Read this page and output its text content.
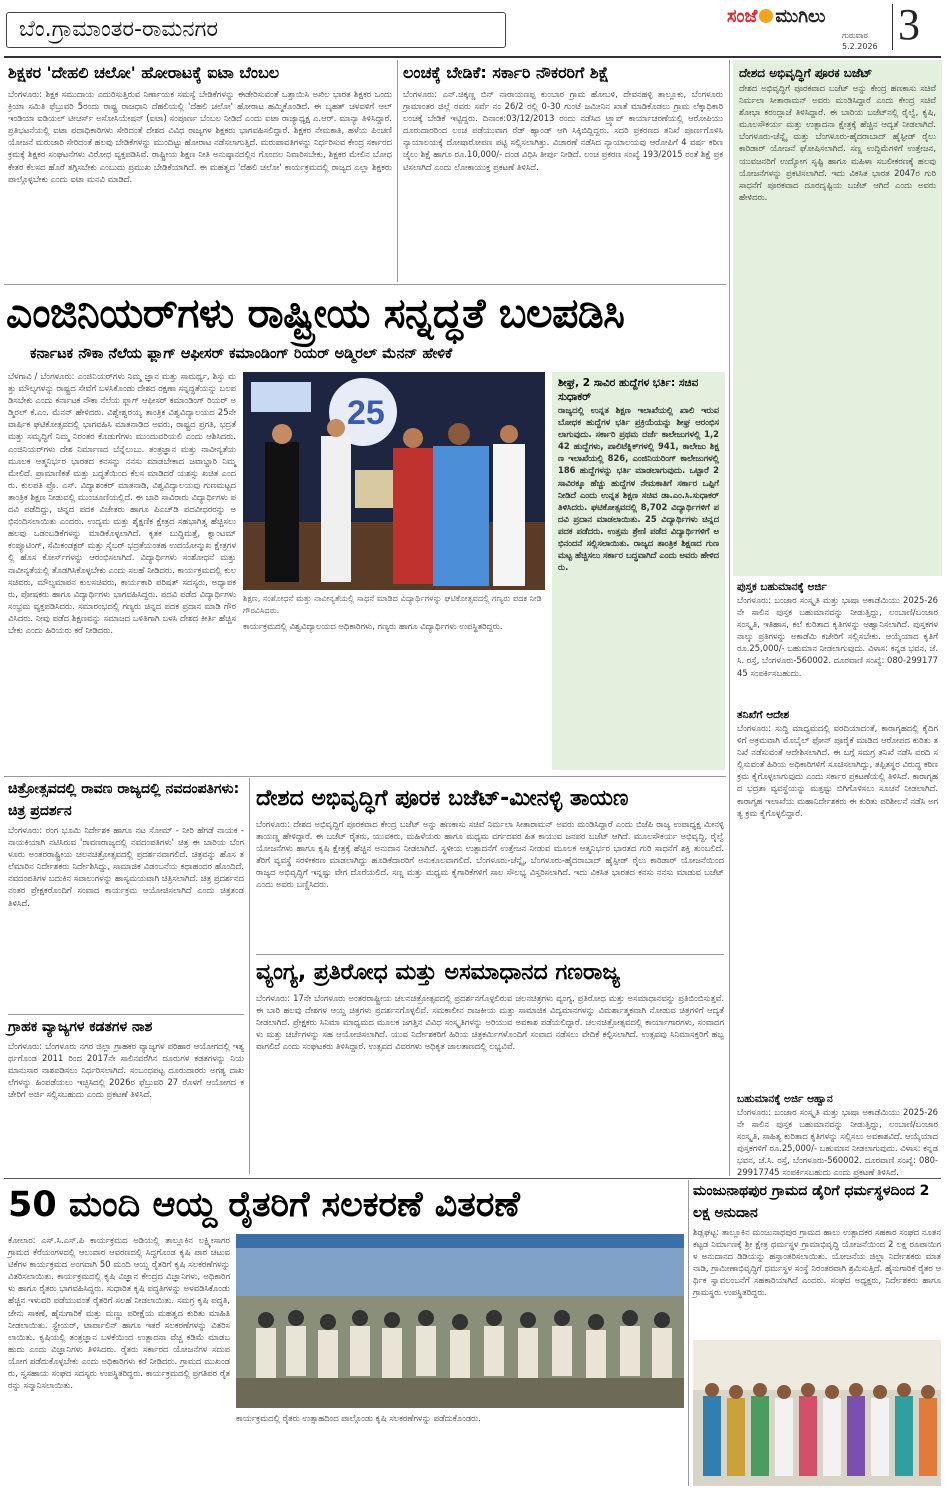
ಬೆಂ.ಗ್ರಾಮಾಂತರ-ರಾಮನಗರ
ಸಂಜೆ ಮುಗಿಲು
ಗುರುವಾರ
5.2.2026 3
ಶಿಕ್ಷಕರ 'ದೇಹಲಿ ಚಲೋ' ಹೋರಾಟಕ್ಕೆ ಐಟಾ ಬೆಂಬಲ
ಬೆಂಗಳೂರು: ಶಿಕ್ಷಕ ಸಮುದಾಯ ಎದುರಿಸುತ್ತಿರುವ ನಿರ್ಣಾಯಕ ಸಮಸ್ಯೆ ಬೇಡಿಕೆಗಳನ್ನು ಈಡೇರಿಸುವಂತೆ ಒತ್ತಾಯಿಸಿ ಅಖಿಲ ಭಾರತ ಶಿಕ್ಷಕರ ಒಂದು ಕ್ರಿಯಾ ಸಮಿತಿ ಫೆಬ್ರುವರಿ 5ರಂದು ರಾಷ್ಟ್ರ ರಾಜಧಾನಿ ದೆಹಲಿಯಲ್ಲಿ 'ದೆಹಲಿ ಚಲೋ' ಹೋರಾಟ ಹಮ್ಮಿಕೊಂಡಿದೆ. ಈ ಬೃಹತ್ ಚಳವಳಿಗೆ ಆಲ್ ಇಂಡಿಯಾ ಐಡಿಯಲ್ ಟೀಚರ್ಸ್ ಅಸೋಸಿಯೇಷನ್ (ಐಟಾ) ಸಂಪೂರ್ಣ ಬೆಂಬಲ ನೀಡಿದೆ ಎಂದು ಐಟಾ ರಾಜ್ಯಾಧ್ಯಕ್ಷ ಎ.ಆರ್. ಮಾನ್ಯಾ ತಿಳಿಸಿದ್ದಾರೆ. ಪ್ರತಿಭಟನೆಯಲ್ಲಿ ಐಟಾ ಪದಾಧಿಕಾರಿಗಳು ಸೇರಿದಂತೆ ದೇಶದ ವಿವಿಧ ರಾಜ್ಯಗಳ ಶಿಕ್ಷಕರು ಭಾಗವಹಿಸಲಿದ್ದಾರೆ. ಶಿಕ್ಷಕರ ನೇಮಕಾತಿ, ಹಳೆಯ ಪಿಂಚಣಿ ಯೋಜನೆ ಮರುಜಾರಿ ಸೇರಿದಂತೆ ಹಲವು ಬೇಡಿಕೆಗಳನ್ನು ಮುಂದಿಟ್ಟು ಹೋರಾಟ ನಡೆಸಲಾಗುತ್ತಿದೆ. ಮರುಪಾವತಿಗಳನ್ನು ನಿರ್ಧರಿಸುವ ಕೇಂದ್ರ ಸರ್ಕಾರದ ಕ್ರಮಕ್ಕೆ ಶಿಕ್ಷಕರ ಸಂಘಟನೆಗಳು ವಿರೋಧ ವ್ಯಕ್ತಪಡಿಸಿವೆ. ರಾಷ್ಟ್ರೀಯ ಶಿಕ್ಷಣ ನೀತಿ ಅನುಷ್ಠಾನದಲ್ಲಿನ ಗೊಂದಲ ನಿವಾರಿಸಬೇಕು, ಶಿಕ್ಷಕರ ಮೇಲಿನ ಬೋಧಕೇತರ ಕೆಲಸದ ಹೊರೆ ತಗ್ಗಿಸಬೇಕು ಎಂಬುದು ಪ್ರಮುಖ ಬೇಡಿಕೆಯಾಗಿದೆ. ಈ ಮಹತ್ವದ 'ದೆಹಲಿ ಚಲೋ' ಕಾರ್ಯಕ್ರಮದಲ್ಲಿ ರಾಜ್ಯದ ಎಲ್ಲಾ ಶಿಕ್ಷಕರು ಪಾಲ್ಗೊಳ್ಳಬೇಕು ಎಂದು ಐಟಾ ಮನವಿ ಮಾಡಿದೆ.
ಲಂಚಕ್ಕೆ ಬೇಡಿಕೆ: ಸರ್ಕಾರಿ ನೌಕರರಿಗೆ ಶಿಕ್ಷೆ
ಬೆಂಗಳೂರು: ಎನ್.ಚಿಕ್ಕಣ್ಣ ಬಿನ್ ನಾರಾಯಣಪ್ಪ ಕುಂಬಾರ ಗ್ರಾಮ ಹೋಬಳಿ, ದೇವನಹಳ್ಳಿ ತಾಲ್ಲೂಕು, ಬೆಂಗಳೂರು ಗ್ರಾಮಾಂತರ ಜಿಲ್ಲೆ ರವರು ಸರ್ವೆ ನಂ 26/2 ರಲ್ಲಿ 0-30 ಗುಂಟೆ ಜಮೀನಿನ ಖಾತೆ ಮಾಡಿಕೊಡಲು ಗ್ರಾಮ ಲೆಕ್ಕಾಧಿಕಾರಿ ಲಂಚಕ್ಕೆ ಬೇಡಿಕೆ ಇಟ್ಟಿದ್ದರು. ದಿನಾಂಕ:03/12/2013 ರಂದು ನಡೆಸಿದ ಟ್ರ್ಯಾಪ್ ಕಾರ್ಯಾಚರಣೆಯಲ್ಲಿ ಆರೋಪಿಯು ದೂರುದಾರರಿಂದ ಲಂಚ ಪಡೆಯುವಾಗ ರೆಡ್ ಹ್ಯಾಂಡ್ ಆಗಿ ಸಿಕ್ಕಿಬಿದ್ದಿದ್ದರು. ಸದರಿ ಪ್ರಕರಣದ ತನಿಖೆ ಪೂರ್ಣಗೊಳಿಸಿ ನ್ಯಾಯಾಲಯಕ್ಕೆ ದೋಷಾರೋಪಣ ಪಟ್ಟಿ ಸಲ್ಲಿಸಲಾಗಿತ್ತು. ವಿಚಾರಣೆ ನಡೆಸಿದ ನ್ಯಾಯಾಲಯವು ಆರೋಪಿಗೆ 4 ವರ್ಷ ಕಠಿಣ ಜೈಲು ಶಿಕ್ಷೆ ಹಾಗೂ ರೂ.10,000/- ದಂಡ ವಿಧಿಸಿ ತೀರ್ಪು ನೀಡಿದೆ. ಲಂಚ ಪ್ರಕರಣ ಸಂಖ್ಯೆ 193/2015 ರಂತೆ ಶಿಕ್ಷೆ ಪ್ರಕಟಿಸಲಾಗಿದೆ ಎಂದು ಲೋಕಾಯುಕ್ತ ಪ್ರಕಟಣೆ ತಿಳಿಸಿದೆ.
ದೇಶದ ಅಭಿವೃದ್ಧಿಗೆ ಪೂರಕ ಬಜೆಟ್
ದೇಶದ ಅಭಿವೃದ್ಧಿಗೆ ಪೂರಕವಾದ ಬಜೆಟ್ ಅನ್ನು ಕೇಂದ್ರ ಹಣಕಾಸು ಸಚಿವೆ ನಿರ್ಮಲಾ ಸೀತಾರಾಮನ್ ಅವರು ಮಂಡಿಸಿದ್ದಾರೆ ಎಂದು ಕೇಂದ್ರ ಸಚಿವೆ ಶೋಭಾ ಕರಂದ್ಲಾಜೆ ತಿಳಿಸಿದ್ದಾರೆ. ಈ ಬಾರಿಯ ಬಜೆಟ್‌ನಲ್ಲಿ ರೈಲ್ವೆ, ಕೃಷಿ, ಮೂಲಸೌಕರ್ಯ ಮತ್ತು ಉತ್ಪಾದನಾ ಕ್ಷೇತ್ರಕ್ಕೆ ಹೆಚ್ಚಿನ ಆದ್ಯತೆ ನೀಡಲಾಗಿದೆ. ಬೆಂಗಳೂರು-ಚೆನ್ನೈ ಮತ್ತು ಬೆಂಗಳೂರು-ಹೈದರಾಬಾದ್ ಹೈಸ್ಪೀಡ್ ರೈಲು ಕಾರಿಡಾರ್ ಯೋಜನೆ ಘೋಷಿಸಲಾಗಿದೆ. ಸಣ್ಣ ಉದ್ದಿಮೆಗಳಿಗೆ ಉತ್ತೇಜನ, ಯುವಜನರಿಗೆ ಉದ್ಯೋಗ ಸೃಷ್ಟಿ ಹಾಗೂ ಮಹಿಳಾ ಸಬಲೀಕರಣಕ್ಕೆ ಹಲವು ಯೋಜನೆಗಳನ್ನು ಪ್ರಕಟಿಸಲಾಗಿದೆ. ಇದು ವಿಕಸಿತ ಭಾರತ 2047ರ ಗುರಿ ಸಾಧನೆಗೆ ಪೂರಕವಾದ ದೂರದೃಷ್ಟಿಯ ಬಜೆಟ್ ಆಗಿದೆ ಎಂದು ಅವರು ಹೇಳಿದರು.
ಎಂಜಿನಿಯರ್‌ಗಳು ರಾಷ್ಟ್ರೀಯ ಸನ್ನದ್ಧತೆ ಬಲಪಡಿಸಿ
ಕರ್ನಾಟಕ ನೌಕಾ ನೆಲೆಯ ಫ್ಲಾಗ್ ಆಫೀಸರ್ ಕಮಾಂಡಿಂಗ್ ರಿಯರ್ ಅಡ್ಮಿರಲ್ ಮೆನನ್ ಹೇಳಿಕೆ
ಬೆಳಗಾವಿ / ಬೆಂಗಳೂರು: ಎಂಜಿನಿಯರ್‌ಗಳು ನಿಮ್ಮ ಜ್ಞಾನ ಮತ್ತು ಸಾಮರ್ಥ್ಯ, ಶಿಸ್ತು ಮತ್ತು ಮೌಲ್ಯಗಳನ್ನು ರಾಷ್ಟ್ರದ ಸೇವೆಗೆ ಬಳಸಿಕೊಂಡು ದೇಶದ ರಕ್ಷಣಾ ಸನ್ನದ್ಧತೆಯನ್ನು ಬಲಪಡಿಸಬೇಕು ಎಂದು ಕರ್ನಾಟಕ ನೌಕಾ ನೆಲೆಯ ಫ್ಲಾಗ್ ಆಫೀಸರ್ ಕಮಾಂಡಿಂಗ್ ರಿಯರ್ ಅಡ್ಮಿರಲ್ ಕೆ.ಎಂ. ಮೆನನ್ ಹೇಳಿದರು. ವಿಶ್ವೇಶ್ವರಯ್ಯ ತಾಂತ್ರಿಕ ವಿಶ್ವವಿದ್ಯಾಲಯದ 25ನೇ ವಾರ್ಷಿಕ ಘಟಿಕೋತ್ಸವದಲ್ಲಿ ಭಾಗವಹಿಸಿ ಮಾತನಾಡಿದ ಅವರು, ರಾಷ್ಟ್ರದ ಪ್ರಗತಿ, ಭದ್ರತೆ ಮತ್ತು ಸಮೃದ್ಧಿಗೆ ನಿಮ್ಮ ನಿರಂತರ ಕೊಡುಗೆಗಳು ಮುಂದುವರಿಯಲಿ ಎಂದು ಆಶಿಸಿದರು. ಎಂಜಿನಿಯರ್‌ಗಳು ದೇಶ ನಿರ್ಮಾಣದ ಬೆನ್ನೆಲುಬು. ತಂತ್ರಜ್ಞಾನ ಮತ್ತು ನಾವೀನ್ಯತೆಯ ಮೂಲಕ ಆತ್ಮನಿರ್ಭರ ಭಾರತದ ಕನಸನ್ನು ನನಸು ಮಾಡಬೇಕಾದ ಜವಾಬ್ದಾರಿ ನಿಮ್ಮ ಮೇಲಿದೆ. ಪ್ರಾಮಾಣಿಕತೆ ಮತ್ತು ಬದ್ಧತೆಯಿಂದ ಕೆಲಸ ಮಾಡಿದರೆ ಯಶಸ್ಸು ಖಚಿತ ಎಂದರು. ಕುಲಪತಿ ಪ್ರೊ. ಎಸ್. ವಿದ್ಯಾಶಂಕರ್ ಮಾತನಾಡಿ, ವಿಶ್ವವಿದ್ಯಾಲಯವು ಗುಣಮಟ್ಟದ ತಾಂತ್ರಿಕ ಶಿಕ್ಷಣ ನೀಡುವಲ್ಲಿ ಮುಂಚೂಣಿಯಲ್ಲಿದೆ. ಈ ಬಾರಿ ಸಾವಿರಾರು ವಿದ್ಯಾರ್ಥಿಗಳು ಪದವಿ ಪಡೆದಿದ್ದು, ಚಿನ್ನದ ಪದಕ ವಿಜೇತರು ಹಾಗೂ ಪಿಎಚ್‌ಡಿ ಪದವೀಧರರನ್ನು ಅಭಿನಂದಿಸಲಾಯಿತು ಎಂದರು. ಉದ್ಯಮ ಮತ್ತು ಶೈಕ್ಷಣಿಕ ಕ್ಷೇತ್ರದ ಸಹಭಾಗಿತ್ವ ಹೆಚ್ಚಿಸಲು ಹಲವು ಒಡಂಬಡಿಕೆಗಳನ್ನು ಮಾಡಿಕೊಳ್ಳಲಾಗಿದೆ. ಕೃತಕ ಬುದ್ಧಿಮತ್ತೆ, ಕ್ವಾಂಟಮ್ ಕಂಪ್ಯೂಟಿಂಗ್, ಸೆಮಿಕಂಡಕ್ಟರ್ ಮತ್ತು ಸೈಬರ್ ಭದ್ರತೆಯಂತಹ ಉದಯೋನ್ಮುಖ ಕ್ಷೇತ್ರಗಳಲ್ಲಿ ಹೊಸ ಕೋರ್ಸ್‌ಗಳನ್ನು ಆರಂಭಿಸಲಾಗಿದೆ. ವಿದ್ಯಾರ್ಥಿಗಳು ಸಂಶೋಧನೆ ಮತ್ತು ನಾವೀನ್ಯತೆಯಲ್ಲಿ ತೊಡಗಿಸಿಕೊಳ್ಳಬೇಕು ಎಂದು ಸಲಹೆ ನೀಡಿದರು. ಕಾರ್ಯಕ್ರಮದಲ್ಲಿ ಕುಲಸಚಿವರು, ಮೌಲ್ಯಮಾಪನ ಕುಲಸಚಿವರು, ಕಾರ್ಯಕಾರಿ ಪರಿಷತ್ ಸದಸ್ಯರು, ಅಧ್ಯಾಪಕರು, ಪೋಷಕರು ಹಾಗೂ ವಿದ್ಯಾರ್ಥಿಗಳು ಭಾಗವಹಿಸಿದ್ದರು. ಪದವಿ ಪಡೆದ ವಿದ್ಯಾರ್ಥಿಗಳು ಸಂಭ್ರಮ ವ್ಯಕ್ತಪಡಿಸಿದರು. ಸಮಾರಂಭದಲ್ಲಿ ಗಣ್ಯರು ಚಿನ್ನದ ಪದಕ ಪ್ರದಾನ ಮಾಡಿ ಗೌರವಿಸಿದರು. ನೀವು ಪಡೆದ ಶಿಕ್ಷಣವನ್ನು ಸಮಾಜದ ಒಳಿತಿಗಾಗಿ ಬಳಸಿ ದೇಶದ ಕೀರ್ತಿ ಹೆಚ್ಚಿಸಬೇಕು ಎಂದು ಹಿರಿಯರು ಕರೆ ನೀಡಿದರು.
25
ಶಿಕ್ಷಣ, ಸಂಶೋಧನೆ ಮತ್ತು ನಾವೀನ್ಯತೆಯಲ್ಲಿ ಸಾಧನೆ ಮಾಡಿದ ವಿದ್ಯಾರ್ಥಿಗಳನ್ನು ಘಟಿಕೋತ್ಸವದಲ್ಲಿ ಗಣ್ಯರು ಪದಕ ನೀಡಿ ಗೌರವಿಸಿದರು.
ಕಾರ್ಯಕ್ರಮದಲ್ಲಿ ವಿಶ್ವವಿದ್ಯಾಲಯದ ಅಧಿಕಾರಿಗಳು, ಗಣ್ಯರು ಹಾಗೂ ವಿದ್ಯಾರ್ಥಿಗಳು ಉಪಸ್ಥಿತರಿದ್ದರು.
ಶೀಘ್ರ, 2 ಸಾವಿರ ಹುದ್ದೆಗಳ ಭರ್ತಿ: ಸಚಿವ ಸುಧಾಕರ್
ರಾಜ್ಯದಲ್ಲಿ ಉನ್ನತ ಶಿಕ್ಷಣ ಇಲಾಖೆಯಲ್ಲಿ ಖಾಲಿ ಇರುವ ಬೋಧಕ ಹುದ್ದೆಗಳ ಭರ್ತಿ ಪ್ರಕ್ರಿಯೆಯನ್ನು ಶೀಘ್ರ ಆರಂಭಿಸಲಾಗುವುದು. ಸರ್ಕಾರಿ ಪ್ರಥಮ ದರ್ಜೆ ಕಾಲೇಜುಗಳಲ್ಲಿ 1,242 ಹುದ್ದೆಗಳು, ಪಾಲಿಟೆಕ್ನಿಕ್‌ಗಳಲ್ಲಿ 941, ಕಾಲೇಜು ಶಿಕ್ಷಣ ಇಲಾಖೆಯಲ್ಲಿ 826, ಎಂಜಿನಿಯರಿಂಗ್ ಕಾಲೇಜುಗಳಲ್ಲಿ 186 ಹುದ್ದೆಗಳನ್ನು ಭರ್ತಿ ಮಾಡಲಾಗುವುದು. ಒಟ್ಟಾರೆ 2 ಸಾವಿರಕ್ಕೂ ಹೆಚ್ಚು ಹುದ್ದೆಗಳ ನೇಮಕಾತಿಗೆ ಸರ್ಕಾರ ಒಪ್ಪಿಗೆ ನೀಡಿದೆ ಎಂದು ಉನ್ನತ ಶಿಕ್ಷಣ ಸಚಿವ ಡಾ.ಎಂ.ಸಿ.ಸುಧಾಕರ್ ತಿಳಿಸಿದರು. ಘಟಿಕೋತ್ಸವದಲ್ಲಿ 8,702 ವಿದ್ಯಾರ್ಥಿಗಳಿಗೆ ಪದವಿ ಪ್ರದಾನ ಮಾಡಲಾಯಿತು. 25 ವಿದ್ಯಾರ್ಥಿಗಳು ಚಿನ್ನದ ಪದಕ ಪಡೆದರು. ಉತ್ತಮ ಶ್ರೇಣಿ ಪಡೆದ ವಿದ್ಯಾರ್ಥಿಗಳಿಗೆ ಅಭಿನಂದನೆ ಸಲ್ಲಿಸಲಾಯಿತು. ರಾಜ್ಯದ ತಾಂತ್ರಿಕ ಶಿಕ್ಷಣದ ಗುಣಮಟ್ಟ ಹೆಚ್ಚಿಸಲು ಸರ್ಕಾರ ಬದ್ಧವಾಗಿದೆ ಎಂದು ಅವರು ಹೇಳಿದರು.
ಪುಸ್ತಕ ಬಹುಮಾನಕ್ಕೆ ಅರ್ಜಿ
ಬೆಂಗಳೂರು: ಬಂಜಾರ ಸಂಸ್ಕೃತಿ ಮತ್ತು ಭಾಷಾ ಅಕಾಡೆಮಿಯು 2025-26ನೇ ಸಾಲಿನ ಪುಸ್ತಕ ಬಹುಮಾನವನ್ನು ನೀಡುತ್ತಿದ್ದು, ಲಂಬಾಣಿ/ಬಂಜಾರ ಸಂಸ್ಕೃತಿ, ಇತಿಹಾಸ, ಕಲೆ ಕುರಿತಾದ ಕೃತಿಗಳನ್ನು ಆಹ್ವಾನಿಸಲಾಗಿದೆ. ಪುಸ್ತಕಗಳ ನಾಲ್ಕು ಪ್ರತಿಗಳನ್ನು ಅಕಾಡೆಮಿ ಕಚೇರಿಗೆ ಸಲ್ಲಿಸಬೇಕು. ಆಯ್ಕೆಯಾದ ಕೃತಿಗೆ ರೂ.25,000/- ಬಹುಮಾನ ನೀಡಲಾಗುವುದು. ವಿಳಾಸ: ಕನ್ನಡ ಭವನ, ಜೆ.ಸಿ. ರಸ್ತೆ, ಬೆಂಗಳೂರು-560002. ದೂರವಾಣಿ ಸಂಖ್ಯೆ: 080-29917745 ಸಂಪರ್ಕಿಸಬಹುದು.
ತನಿಖೆಗೆ ಆದೇಶ
ಬೆಂಗಳೂರು: ಸುದ್ದಿ ಮಾಧ್ಯಮದಲ್ಲಿ ವರದಿಯಾದಂತೆ, ಕಾರಾಗೃಹದಲ್ಲಿ ಕೈದಿಗಳಿಗೆ ಅಕ್ರಮವಾಗಿ ಮೊಬೈಲ್ ಫೋನ್ ಪೂರೈಕೆ ಮಾಡಿದ ಆರೋಪದ ಕುರಿತು ತನಿಖೆ ನಡೆಸುವಂತೆ ಆದೇಶಿಸಲಾಗಿದೆ. ಈ ಬಗ್ಗೆ ಸಮಗ್ರ ತನಿಖೆ ನಡೆಸಿ ವರದಿ ಸಲ್ಲಿಸುವಂತೆ ಹಿರಿಯ ಅಧಿಕಾರಿಗಳಿಗೆ ಸೂಚಿಸಲಾಗಿದ್ದು, ತಪ್ಪಿತಸ್ಥರ ವಿರುದ್ಧ ಕಠಿಣ ಕ್ರಮ ಕೈಗೊಳ್ಳಲಾಗುವುದು ಎಂದು ಸರ್ಕಾರ ಪ್ರಕಟಣೆಯಲ್ಲಿ ತಿಳಿಸಿದೆ. ಕಾರಾಗೃಹದ ಭದ್ರತಾ ವ್ಯವಸ್ಥೆಯನ್ನು ಮತ್ತಷ್ಟು ಬಿಗಿಗೊಳಿಸಲು ಸೂಚನೆ ನೀಡಲಾಗಿದೆ. ಕಾರಾಗೃಹ ಇಲಾಖೆಯ ಮಹಾನಿರ್ದೇಶಕರು ಈ ಕುರಿತು ಪರಿಶೀಲನೆ ನಡೆಸಿ ಅಗತ್ಯ ಕ್ರಮ ಕೈಗೊಳ್ಳಲಿದ್ದಾರೆ.
ಚಿತ್ರೋತ್ಸವದಲ್ಲಿ ರಾವಣ ರಾಜ್ಯದಲ್ಲಿ ನವದಂಪತಿಗಳು: ಚಿತ್ರ ಪ್ರದರ್ಶನ
ಬೆಂಗಳೂರು: ರಂಗ ಭೂಮಿ ನಿರ್ದೇಶಕ ಹಾಗೂ ನಟ ಸೋಮ್ - ನೀರಿ ಹೆಗಡೆ ನಾಯಕ - ನಾಯಕಿಯಾಗಿ ನಟಿಸಿರುವ 'ರಾವಣರಾಜ್ಯದಲ್ಲಿ ನವದಂಪತಿಗಳು' ಚಿತ್ರ ಈ ಬಾರಿಯ ಬೆಂಗಳೂರು ಅಂತರರಾಷ್ಟ್ರೀಯ ಚಲನಚಿತ್ರೋತ್ಸವದಲ್ಲಿ ಪ್ರದರ್ಶನವಾಗಲಿದೆ. ಚಿತ್ರವನ್ನು ಹೊಸ ತಲೆಮಾರಿನ ನಿರ್ದೇಶಕರು ನಿರ್ದೇಶಿಸಿದ್ದು, ಸಾಮಾಜಿಕ ವಿಡಂಬನೆಯ ಕಥಾಹಂದರ ಹೊಂದಿದೆ. ನವದಂಪತಿಗಳ ಬದುಕಿನ ಸವಾಲುಗಳನ್ನು ಹಾಸ್ಯಮಯವಾಗಿ ಚಿತ್ರಿಸಲಾಗಿದೆ. ಚಿತ್ರ ಪ್ರದರ್ಶನದ ನಂತರ ಪ್ರೇಕ್ಷಕರೊಂದಿಗೆ ಸಂವಾದ ಕಾರ್ಯಕ್ರಮ ಆಯೋಜಿಸಲಾಗಿದೆ ಎಂದು ಚಿತ್ರತಂಡ ತಿಳಿಸಿದೆ.
ಗ್ರಾಹಕ ವ್ಯಾಜ್ಯಗಳ ಕಡತಗಳ ನಾಶ
ಬೆಂಗಳೂರು: ಬೆಂಗಳೂರು ನಗರ ಜಿಲ್ಲಾ ಗ್ರಾಹಕರ ವ್ಯಾಜ್ಯಗಳ ಪರಿಹಾರ ಆಯೋಗದಲ್ಲಿ ಇತ್ಯರ್ಥಗೊಂಡ 2011 ರಿಂದ 2017ನೇ ಸಾಲಿನವರೆಗಿನ ದೂರುಗಳ ಕಡತಗಳನ್ನು ನಿಯಮಾನುಸಾರ ನಾಶಪಡಿಸಲು ನಿರ್ಧರಿಸಲಾಗಿದೆ. ಸಂಬಂಧಪಟ್ಟ ದೂರುದಾರರು ಅಗತ್ಯ ದಾಖಲೆಗಳನ್ನು ಹಿಂಪಡೆಯಲು ಇಚ್ಛಿಸಿದಲ್ಲಿ 2026ರ ಫೆಬ್ರುವರಿ 27 ರೊಳಗೆ ಆಯೋಗದ ಕಚೇರಿಗೆ ಅರ್ಜಿ ಸಲ್ಲಿಸಬಹುದು ಎಂದು ಪ್ರಕಟಣೆ ತಿಳಿಸಿದೆ.
ದೇಶದ ಅಭಿವೃದ್ಧಿಗೆ ಪೂರಕ ಬಜೆಟ್-ಮೀನಳ್ಳಿ ತಾಯಣ
ಬೆಂಗಳೂರು: ದೇಶದ ಅಭಿವೃದ್ಧಿಗೆ ಪೂರಕವಾದ ಕೇಂದ್ರ ಬಜೆಟ್ ಅನ್ನು ಹಣಕಾಸು ಸಚಿವೆ ನಿರ್ಮಲಾ ಸೀತಾರಾಮನ್ ಅವರು ಮಂಡಿಸಿದ್ದಾರೆ ಎಂದು ಬಿಜೆಪಿ ರಾಜ್ಯ ಉಪಾಧ್ಯಕ್ಷ ಮೀನಳ್ಳಿ ತಾಯಣ್ಣ ಹೇಳಿದ್ದಾರೆ. ಈ ಬಜೆಟ್ ರೈತರು, ಯುವಕರು, ಮಹಿಳೆಯರು ಹಾಗೂ ಮಧ್ಯಮ ವರ್ಗದವರ ಹಿತ ಕಾಯುವ ಜನಪರ ಬಜೆಟ್ ಆಗಿದೆ. ಮೂಲಸೌಕರ್ಯ ಅಭಿವೃದ್ಧಿ, ರೈಲ್ವೆ ಯೋಜನೆಗಳು ಹಾಗೂ ಕೃಷಿ ಕ್ಷೇತ್ರಕ್ಕೆ ಹೆಚ್ಚಿನ ಅನುದಾನ ನೀಡಲಾಗಿದೆ. ಸ್ಥಳೀಯ ಉತ್ಪಾದನೆಗೆ ಉತ್ತೇಜನ ನೀಡುವ ಮೂಲಕ ಆತ್ಮನಿರ್ಭರ ಭಾರತದ ಗುರಿ ಸಾಧನೆಗೆ ಶಕ್ತಿ ತುಂಬಲಿದೆ. ತೆರಿಗೆ ವ್ಯವಸ್ಥೆ ಸರಳೀಕರಣ ಮಾಡಲಾಗಿದ್ದು ಹೂಡಿಕೆದಾರರಿಗೆ ಅನುಕೂಲವಾಗಲಿದೆ. ಬೆಂಗಳೂರು-ಚೆನ್ನೈ, ಬೆಂಗಳೂರು-ಹೈದರಾಬಾದ್ ಹೈಸ್ಪೀಡ್ ರೈಲು ಕಾರಿಡಾರ್ ಯೋಜನೆಯಿಂದ ರಾಜ್ಯದ ಅಭಿವೃದ್ಧಿಗೆ ಇನ್ನಷ್ಟು ವೇಗ ದೊರೆಯಲಿದೆ. ಸಣ್ಣ ಮತ್ತು ಮಧ್ಯಮ ಕೈಗಾರಿಕೆಗಳಿಗೆ ಸಾಲ ಸೌಲಭ್ಯ ವಿಸ್ತರಿಸಲಾಗಿದೆ. ಇದು ವಿಕಸಿತ ಭಾರತದ ಕನಸು ನನಸು ಮಾಡುವ ಬಜೆಟ್ ಎಂದು ಅವರು ಬಣ್ಣಿಸಿದರು.
ವ್ಯಂಗ್ಯ, ಪ್ರತಿರೋಧ ಮತ್ತು ಅಸಮಾಧಾನದ ಗಣರಾಜ್ಯ
ಬೆಂಗಳೂರು: 17ನೇ ಬೆಂಗಳೂರು ಅಂತರರಾಷ್ಟ್ರೀಯ ಚಲನಚಿತ್ರೋತ್ಸವದಲ್ಲಿ ಪ್ರದರ್ಶನಗೊಳ್ಳಲಿರುವ ಚಲನಚಿತ್ರಗಳು ವ್ಯಂಗ್ಯ, ಪ್ರತಿರೋಧ ಮತ್ತು ಅಸಮಾಧಾನವನ್ನು ಪ್ರತಿಬಿಂಬಿಸುತ್ತವೆ. ಈ ಬಾರಿ ಹಲವು ದೇಶಗಳ ಆಯ್ದ ಚಿತ್ರಗಳು ಪ್ರದರ್ಶನಗೊಳ್ಳಲಿವೆ. ಸಮಕಾಲೀನ ರಾಜಕೀಯ ಮತ್ತು ಸಾಮಾಜಿಕ ವಿದ್ಯಮಾನಗಳನ್ನು ವಿಮರ್ಶಾತ್ಮಕವಾಗಿ ನೋಡುವ ಚಿತ್ರಗಳಿಗೆ ಆದ್ಯತೆ ನೀಡಲಾಗಿದೆ. ಪ್ರೇಕ್ಷಕರು ಸಿನಿಮಾ ಮಾಧ್ಯಮದ ಮೂಲಕ ಜಗತ್ತಿನ ವಿವಿಧ ಸಂಸ್ಕೃತಿಗಳನ್ನು ಅರಿಯುವ ಅವಕಾಶ ಪಡೆಯಲಿದ್ದಾರೆ. ಚಲನಚಿತ್ರೋತ್ಸವದಲ್ಲಿ ಕಾರ್ಯಾಗಾರಗಳು, ಸಂವಾದಗಳು ಮತ್ತು ಚರ್ಚೆಗಳನ್ನು ಸಹ ಆಯೋಜಿಸಲಾಗಿದೆ. ಯುವ ನಿರ್ದೇಶಕರಿಗೆ ಹಿರಿಯ ಚಿತ್ರಕರ್ಮಿಗಳೊಂದಿಗೆ ಸಂವಾದ ನಡೆಸಲು ವೇದಿಕೆ ಕಲ್ಪಿಸಲಾಗಿದೆ. ಉತ್ಸವವು ಸಿನಿಮಾಸಕ್ತರಿಗೆ ಹಬ್ಬವಾಗಲಿದೆ ಎಂದು ಸಂಘಟಕರು ತಿಳಿಸಿದ್ದಾರೆ. ಉತ್ಸವದ ವಿವರಗಳು ಅಧಿಕೃತ ಜಾಲತಾಣದಲ್ಲಿ ಲಭ್ಯವಿವೆ.
ಬಹುಮಾನಕ್ಕೆ ಅರ್ಜಿ ಆಹ್ವಾನ
ಬೆಂಗಳೂರು: ಬಂಜಾರ ಸಂಸ್ಕೃತಿ ಮತ್ತು ಭಾಷಾ ಅಕಾಡೆಮಿಯು 2025-26ನೇ ಸಾಲಿನ ಪುಸ್ತಕ ಬಹುಮಾನವನ್ನು ನೀಡುತ್ತಿದ್ದು, ಲಂಬಾಣಿ/ಬಂಜಾರ ಸಂಸ್ಕೃತಿ, ಸಾಹಿತ್ಯ ಕುರಿತಾದ ಕೃತಿಗಳನ್ನು ಸಲ್ಲಿಸಲು ಅವಕಾಶವಿದೆ. ಆಯ್ಕೆಯಾದ ಪುಸ್ತಕಗಳಿಗೆ ರೂ.25,000/- ಬಹುಮಾನ ನೀಡಲಾಗುವುದು. ವಿಳಾಸ: ಕನ್ನಡ ಭವನ, ಜೆ.ಸಿ. ರಸ್ತೆ, ಬೆಂಗಳೂರು-560002. ದೂರವಾಣಿ ಸಂಖ್ಯೆ: 080-29917745 ಸಂಪರ್ಕಿಸಬಹುದು ಎಂದು ಪ್ರಕಟಣೆ ತಿಳಿಸಿದೆ.
50 ಮಂದಿ ಆಯ್ದ ರೈತರಿಗೆ ಸಲಕರಣೆ ವಿತರಣೆ
ಕೋಲಾರ: ಎಸ್.ಸಿ.ಎಸ್.ಪಿ ಕಾರ್ಯಕ್ರಮದ ಅಡಿಯಲ್ಲಿ ತಾಲ್ಲೂಕಿನ ಲಕ್ಷ್ಮೀಸಾಗರ ಗ್ರಾಮದ ಕೆರೆಯಂಗಳದಲ್ಲಿ ಆಲುವಾರ ಆವರಣದಲ್ಲಿ ಸಿದ್ಧಗೊಂಡ ಕೃಷಿ ಪಾಠ ಚಟುವಟಿಕೆಗಳ ಕಾರ್ಯಕ್ರಮದ ಅಂಗವಾಗಿ 50 ಮಂದಿ ಆಯ್ದ ರೈತರಿಗೆ ಕೃಷಿ ಸಲಕರಣೆಗಳನ್ನು ವಿತರಿಸಲಾಯಿತು. ಕಾರ್ಯಕ್ರಮದಲ್ಲಿ ಕೃಷಿ ವಿಜ್ಞಾನ ಕೇಂದ್ರದ ವಿಜ್ಞಾನಿಗಳು, ಅಧಿಕಾರಿಗಳು ಹಾಗೂ ರೈತರು ಭಾಗವಹಿಸಿದ್ದರು. ಸುಧಾರಿತ ಕೃಷಿ ಪದ್ಧತಿಗಳನ್ನು ಅಳವಡಿಸಿಕೊಂಡು ಹೆಚ್ಚಿನ ಇಳುವರಿ ಪಡೆಯುವಂತೆ ರೈತರಿಗೆ ಸಲಹೆ ನೀಡಲಾಯಿತು. ಸಮಗ್ರ ಕೃಷಿ ಪದ್ಧತಿ, ಜೇನು ಸಾಕಣೆ, ಹೈನುಗಾರಿಕೆ ಮತ್ತು ಮಣ್ಣು ಪರೀಕ್ಷೆಯ ಮಹತ್ವದ ಕುರಿತು ಮಾಹಿತಿ ನೀಡಲಾಯಿತು. ಸ್ಪ್ರೇಯರ್, ಟಾರ್ಪಾಲಿನ್ ಹಾಗೂ ಇತರೆ ಸಲಕರಣೆಗಳನ್ನು ವಿತರಿಸಲಾಯಿತು. ಕೃಷಿಯಲ್ಲಿ ತಂತ್ರಜ್ಞಾನ ಬಳಕೆಯಿಂದ ಉತ್ಪಾದನಾ ವೆಚ್ಚ ಕಡಿಮೆ ಮಾಡಬಹುದು ಎಂದು ವಿಜ್ಞಾನಿಗಳು ತಿಳಿಸಿದರು. ರೈತರು ಸರ್ಕಾರದ ಯೋಜನೆಗಳ ಸದುಪಯೋಗ ಪಡೆದುಕೊಳ್ಳಬೇಕು ಎಂದು ಅಧಿಕಾರಿಗಳು ಕರೆ ನೀಡಿದರು. ಗ್ರಾಮದ ಮುಖಂಡರು, ಸ್ವಸಹಾಯ ಸಂಘದ ಸದಸ್ಯರು ಉಪಸ್ಥಿತರಿದ್ದರು. ಕಾರ್ಯಕ್ರಮದಲ್ಲಿ ಪ್ರಗತಿಪರ ರೈತರನ್ನು ಸನ್ಮಾನಿಸಲಾಯಿತು.
ಕಾರ್ಯಕ್ರಮದಲ್ಲಿ ರೈತರು ಉತ್ಸಾಹದಿಂದ ಪಾಲ್ಗೊಂಡು ಕೃಷಿ ಸಲಕರಣೆಗಳನ್ನು ಪಡೆದುಕೊಂಡರು.
ಮಂಜುನಾಥಪುರ ಗ್ರಾಮದ ಡೈರಿಗೆ ಧರ್ಮಸ್ಥಳದಿಂದ 2 ಲಕ್ಷ ಅನುದಾನ
ಶಿಡ್ಲಘಟ್ಟ: ತಾಲ್ಲೂಕಿನ ಮಂಜುನಾಥಪುರ ಗ್ರಾಮದ ಹಾಲು ಉತ್ಪಾದಕರ ಸಹಕಾರ ಸಂಘದ ನೂತನ ಕಟ್ಟಡ ನಿರ್ಮಾಣಕ್ಕೆ ಶ್ರೀ ಕ್ಷೇತ್ರ ಧರ್ಮಸ್ಥಳ ಗ್ರಾಮಾಭಿವೃದ್ಧಿ ಯೋಜನೆಯಿಂದ 2 ಲಕ್ಷ ರೂಪಾಯಿಗಳ ಅನುದಾನದ ಡಿಡಿಯನ್ನು ಹಸ್ತಾಂತರಿಸಲಾಯಿತು. ಯೋಜನೆಯ ಜಿಲ್ಲಾ ನಿರ್ದೇಶಕರು ಮಾತನಾಡಿ, ಗ್ರಾಮೀಣಾಭಿವೃದ್ಧಿಗೆ ಧರ್ಮಸ್ಥಳ ಸಂಸ್ಥೆ ನಿರಂತರವಾಗಿ ಶ್ರಮಿಸುತ್ತಿದೆ. ಹೈನುಗಾರಿಕೆ ರೈತರ ಆರ್ಥಿಕ ಸ್ವಾವಲಂಬನೆಗೆ ಸಹಕಾರಿಯಾಗಿದೆ ಎಂದರು. ಸಂಘದ ಅಧ್ಯಕ್ಷರು, ನಿರ್ದೇಶಕರು ಹಾಗೂ ಗ್ರಾಮಸ್ಥರು ಉಪಸ್ಥಿತರಿದ್ದರು.
